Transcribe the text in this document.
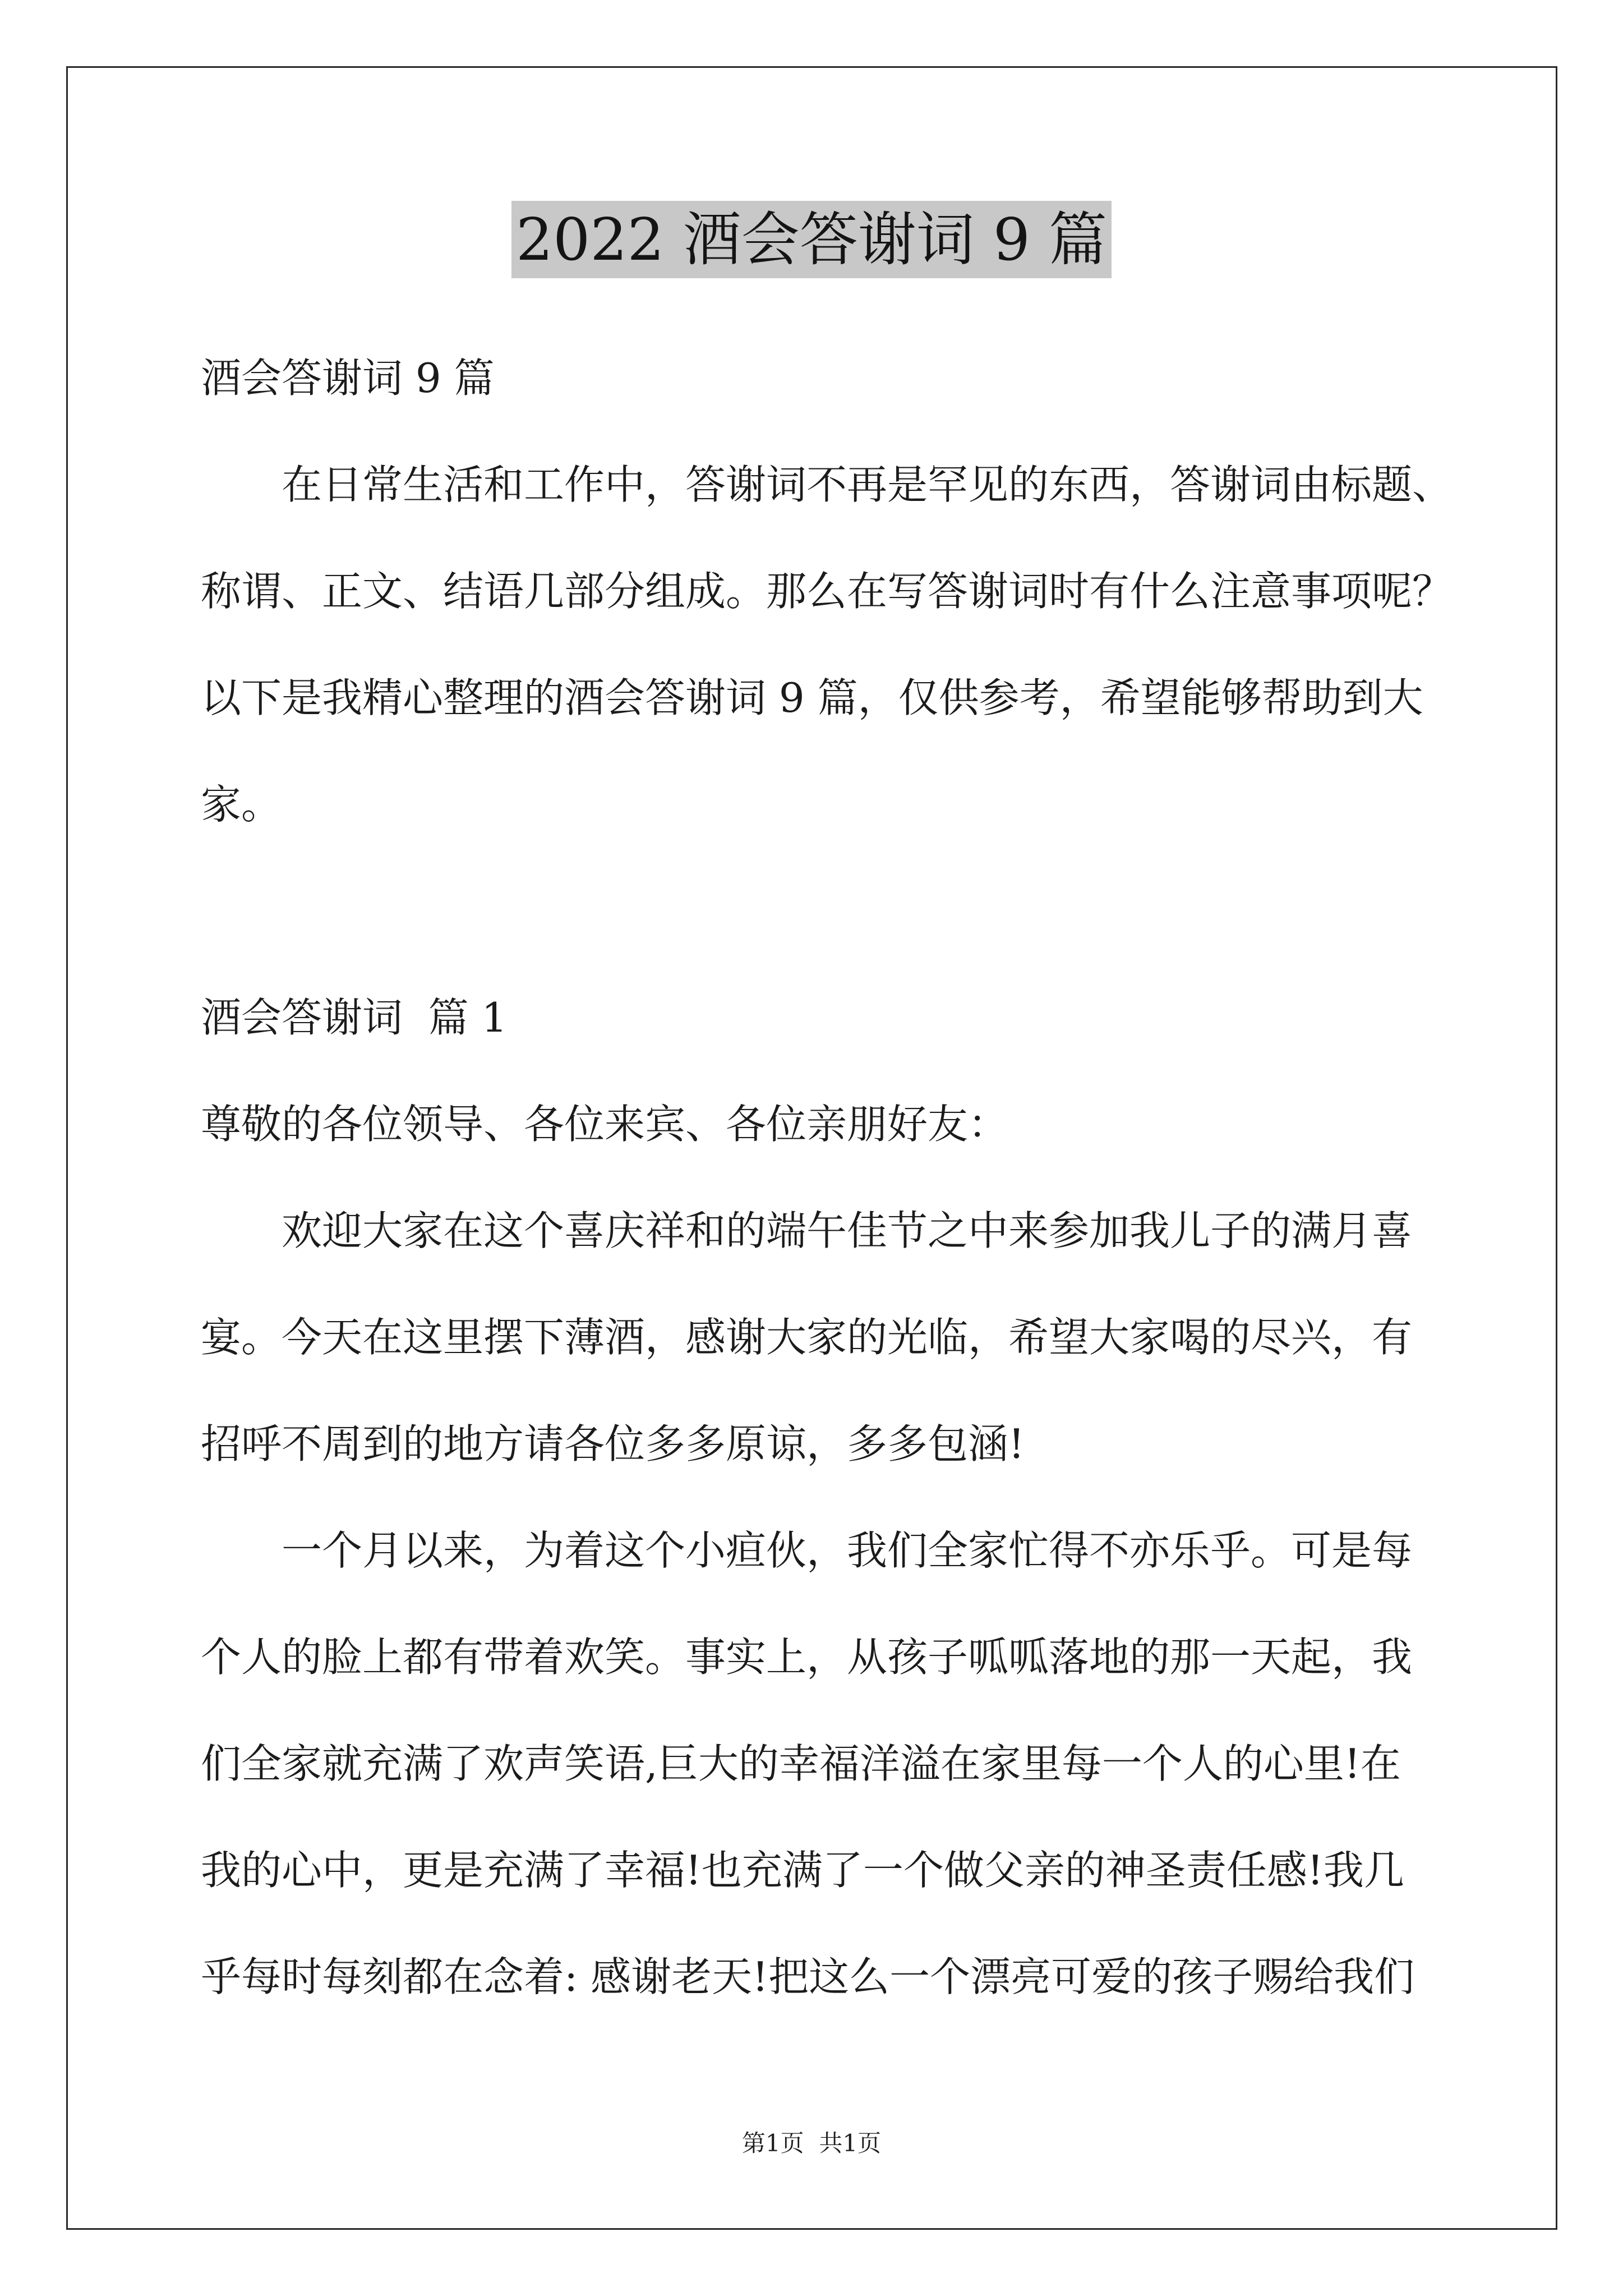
2022 酒会答谢词 9 篇
酒会答谢词 9 篇
在日常生活和工作中，答谢词不再是罕见的东西，答谢词由标题、
称谓、正文、结语几部分组成。那么在写答谢词时有什么注意事项呢？
以下是我精心整理的酒会答谢词 9 篇，仅供参考，希望能够帮助到大
家。
酒会答谢词  篇 1
尊敬的各位领导、各位来宾、各位亲朋好友：
欢迎大家在这个喜庆祥和的端午佳节之中来参加我儿子的满月喜
宴。今天在这里摆下薄酒，感谢大家的光临，希望大家喝的尽兴，有
招呼不周到的地方请各位多多原谅，多多包涵!
一个月以来，为着这个小疸伙，我们全家忙得不亦乐乎。可是每
个人的脸上都有带着欢笑。事实上，从孩子呱呱落地的那一天起，我
们全家就充满了欢声笑语,巨大的幸福洋溢在家里每一个人的心里!在
我的心中，更是充满了幸福!也充满了一个做父亲的神圣责任感!我几
乎每时每刻都在念着: 感谢老天!把这么一个漂亮可爱的孩子赐给我们
第1页  共1页
